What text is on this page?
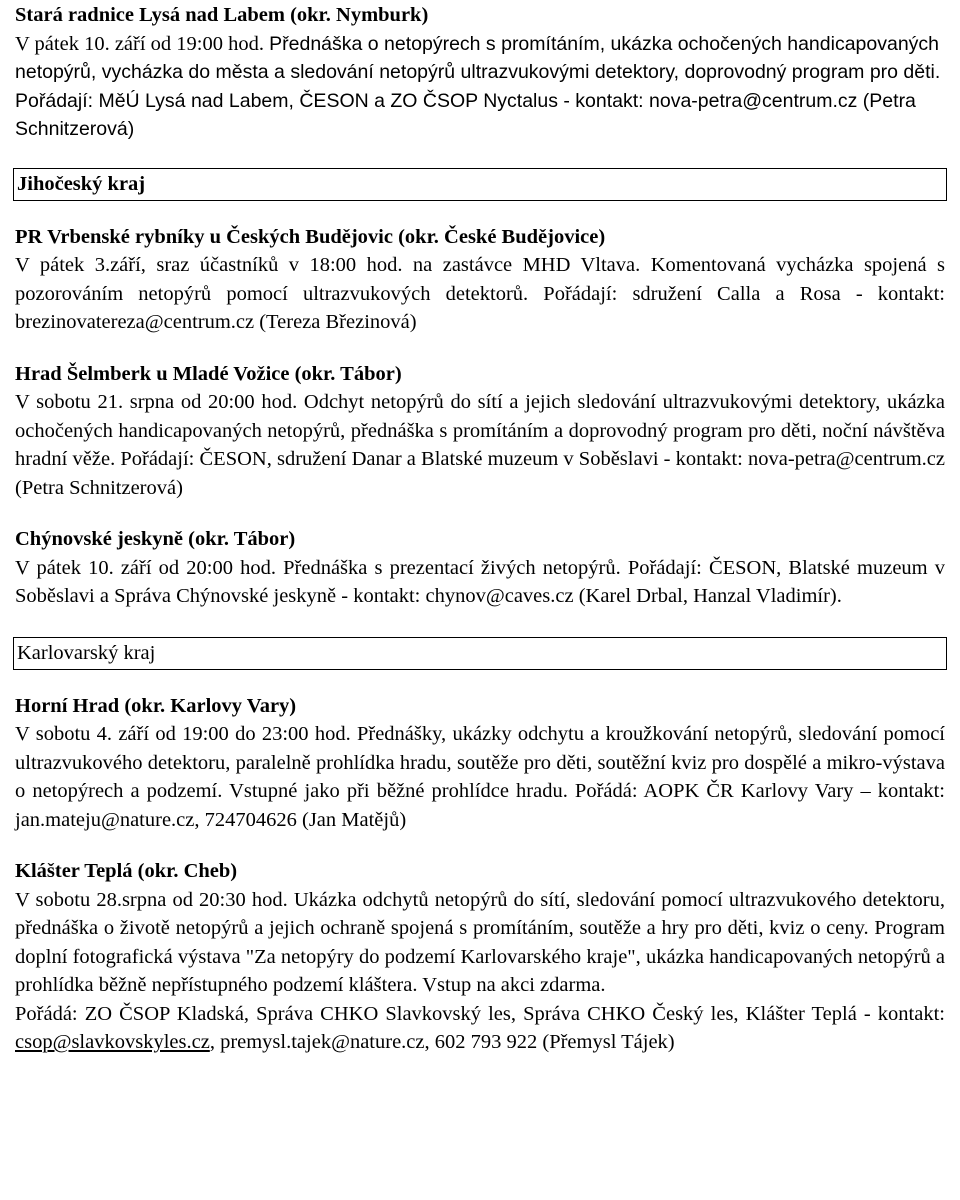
Stará radnice Lysá nad Labem (okr. Nymburk)

V pátek 10. září od 19:00 hod. Přednáška o netopýrech s promítáním, ukázka ochočených handicapovaných netopýrů, vycházka do města a sledování netopýrů ultrazvukovými detektory, doprovodný program pro děti. Pořádají: MěÚ Lysá nad Labem, ČESON a ZO ČSOP Nyctalus - kontakt: nova-petra@centrum.cz (Petra Schnitzerová)

Jihočeský kraj
PR Vrbenské rybníky u Českých Budějovic (okr. České Budějovice)

V pátek 3.září, sraz účastníků v 18:00 hod. na zastávce MHD Vltava. Komentovaná vycházka spojená s pozorováním netopýrů pomocí ultrazvukových detektorů. Pořádají: sdružení Calla a Rosa - kontakt: brezinovatereza@centrum.cz (Tereza Březinová)

Hrad Šelmberk u Mladé Vožice (okr. Tábor)

V sobotu 21. srpna od 20:00 hod. Odchyt netopýrů do sítí a jejich sledování ultrazvukovými detektory, ukázka ochočených handicapovaných netopýrů, přednáška s promítáním a doprovodný program pro děti, noční návštěva hradní věže. Pořádají: ČESON, sdružení Danar a Blatské muzeum v Soběslavi - kontakt: nova-petra@centrum.cz (Petra Schnitzerová)

Chýnovské jeskyně (okr. Tábor)

V pátek 10. září od 20:00 hod. Přednáška s prezentací živých netopýrů. Pořádají: ČESON, Blatské muzeum v Soběslavi a Správa Chýnovské jeskyně - kontakt: chynov@caves.cz (Karel Drbal, Hanzal Vladimír).

Karlovarský kraj
Horní Hrad (okr. Karlovy Vary)

V sobotu 4. září od 19:00 do 23:00 hod. Přednášky, ukázky odchytu a kroužkování netopýrů, sledování pomocí ultrazvukového detektoru, paralelně prohlídka hradu, soutěže pro děti, soutěžní kviz pro dospělé a mikro-výstava o netopýrech a podzemí. Vstupné jako při běžné prohlídce hradu. Pořádá: AOPK ČR Karlovy Vary – kontakt: jan.mateju@nature.cz, 724704626 (Jan Matějů)

Klášter Teplá (okr. Cheb)

V sobotu 28.srpna od 20:30 hod. Ukázka odchytů netopýrů do sítí, sledování pomocí ultrazvukového detektoru, přednáška o životě netopýrů a jejich ochraně spojená s promítáním, soutěže a hry pro děti, kviz o ceny. Program doplní fotografická výstava "Za netopýry do podzemí Karlovarského kraje", ukázka handicapovaných netopýrů a prohlídka běžně nepřístupného podzemí kláštera. Vstup na akci zdarma.

Pořádá: ZO ČSOP Kladská, Správa CHKO Slavkovský les, Správa CHKO Český les, Klášter Teplá - kontakt: csop@slavkovskyles.cz, premysl.tajek@nature.cz, 602 793 922 (Přemysl Tájek)
